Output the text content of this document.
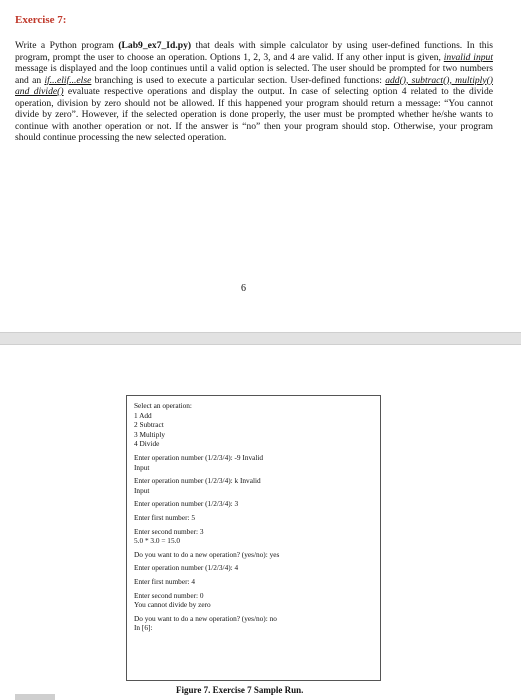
Exercise 7:
Write a Python program (Lab9_ex7_Id.py) that deals with simple calculator by using user-defined functions. In this program, prompt the user to choose an operation. Options 1, 2, 3, and 4 are valid. If any other input is given, invalid input message is displayed and the loop continues until a valid option is selected. The user should be prompted for two numbers and an if...elif...else branching is used to execute a particular section. User-defined functions: add(), subtract(), multiply() and divide() evaluate respective operations and display the output. In case of selecting option 4 related to the divide operation, division by zero should not be allowed. If this happened your program should return a message: “You cannot divide by zero”. However, if the selected operation is done properly, the user must be prompted whether he/she wants to continue with another operation or not. If the answer is “no” then your program should stop. Otherwise, your program should continue processing the new selected operation.
6
Select an operation:
1 Add
2 Subtract
3 Multiply
4 Divide
Enter operation number (1/2/3/4): -9 Invalid
Input
Enter operation number (1/2/3/4): k Invalid
Input
Enter operation number (1/2/3/4): 3
Enter first number: 5
Enter second number: 3
5.0 * 3.0 = 15.0
Do you want to do a new operation? (yes/no): yes
Enter operation number (1/2/3/4): 4
Enter first number: 4
Enter second number: 0
You cannot divide by zero
Do you want to do a new operation? (yes/no): no
In [6]:
Figure 7. Exercise 7 Sample Run.
